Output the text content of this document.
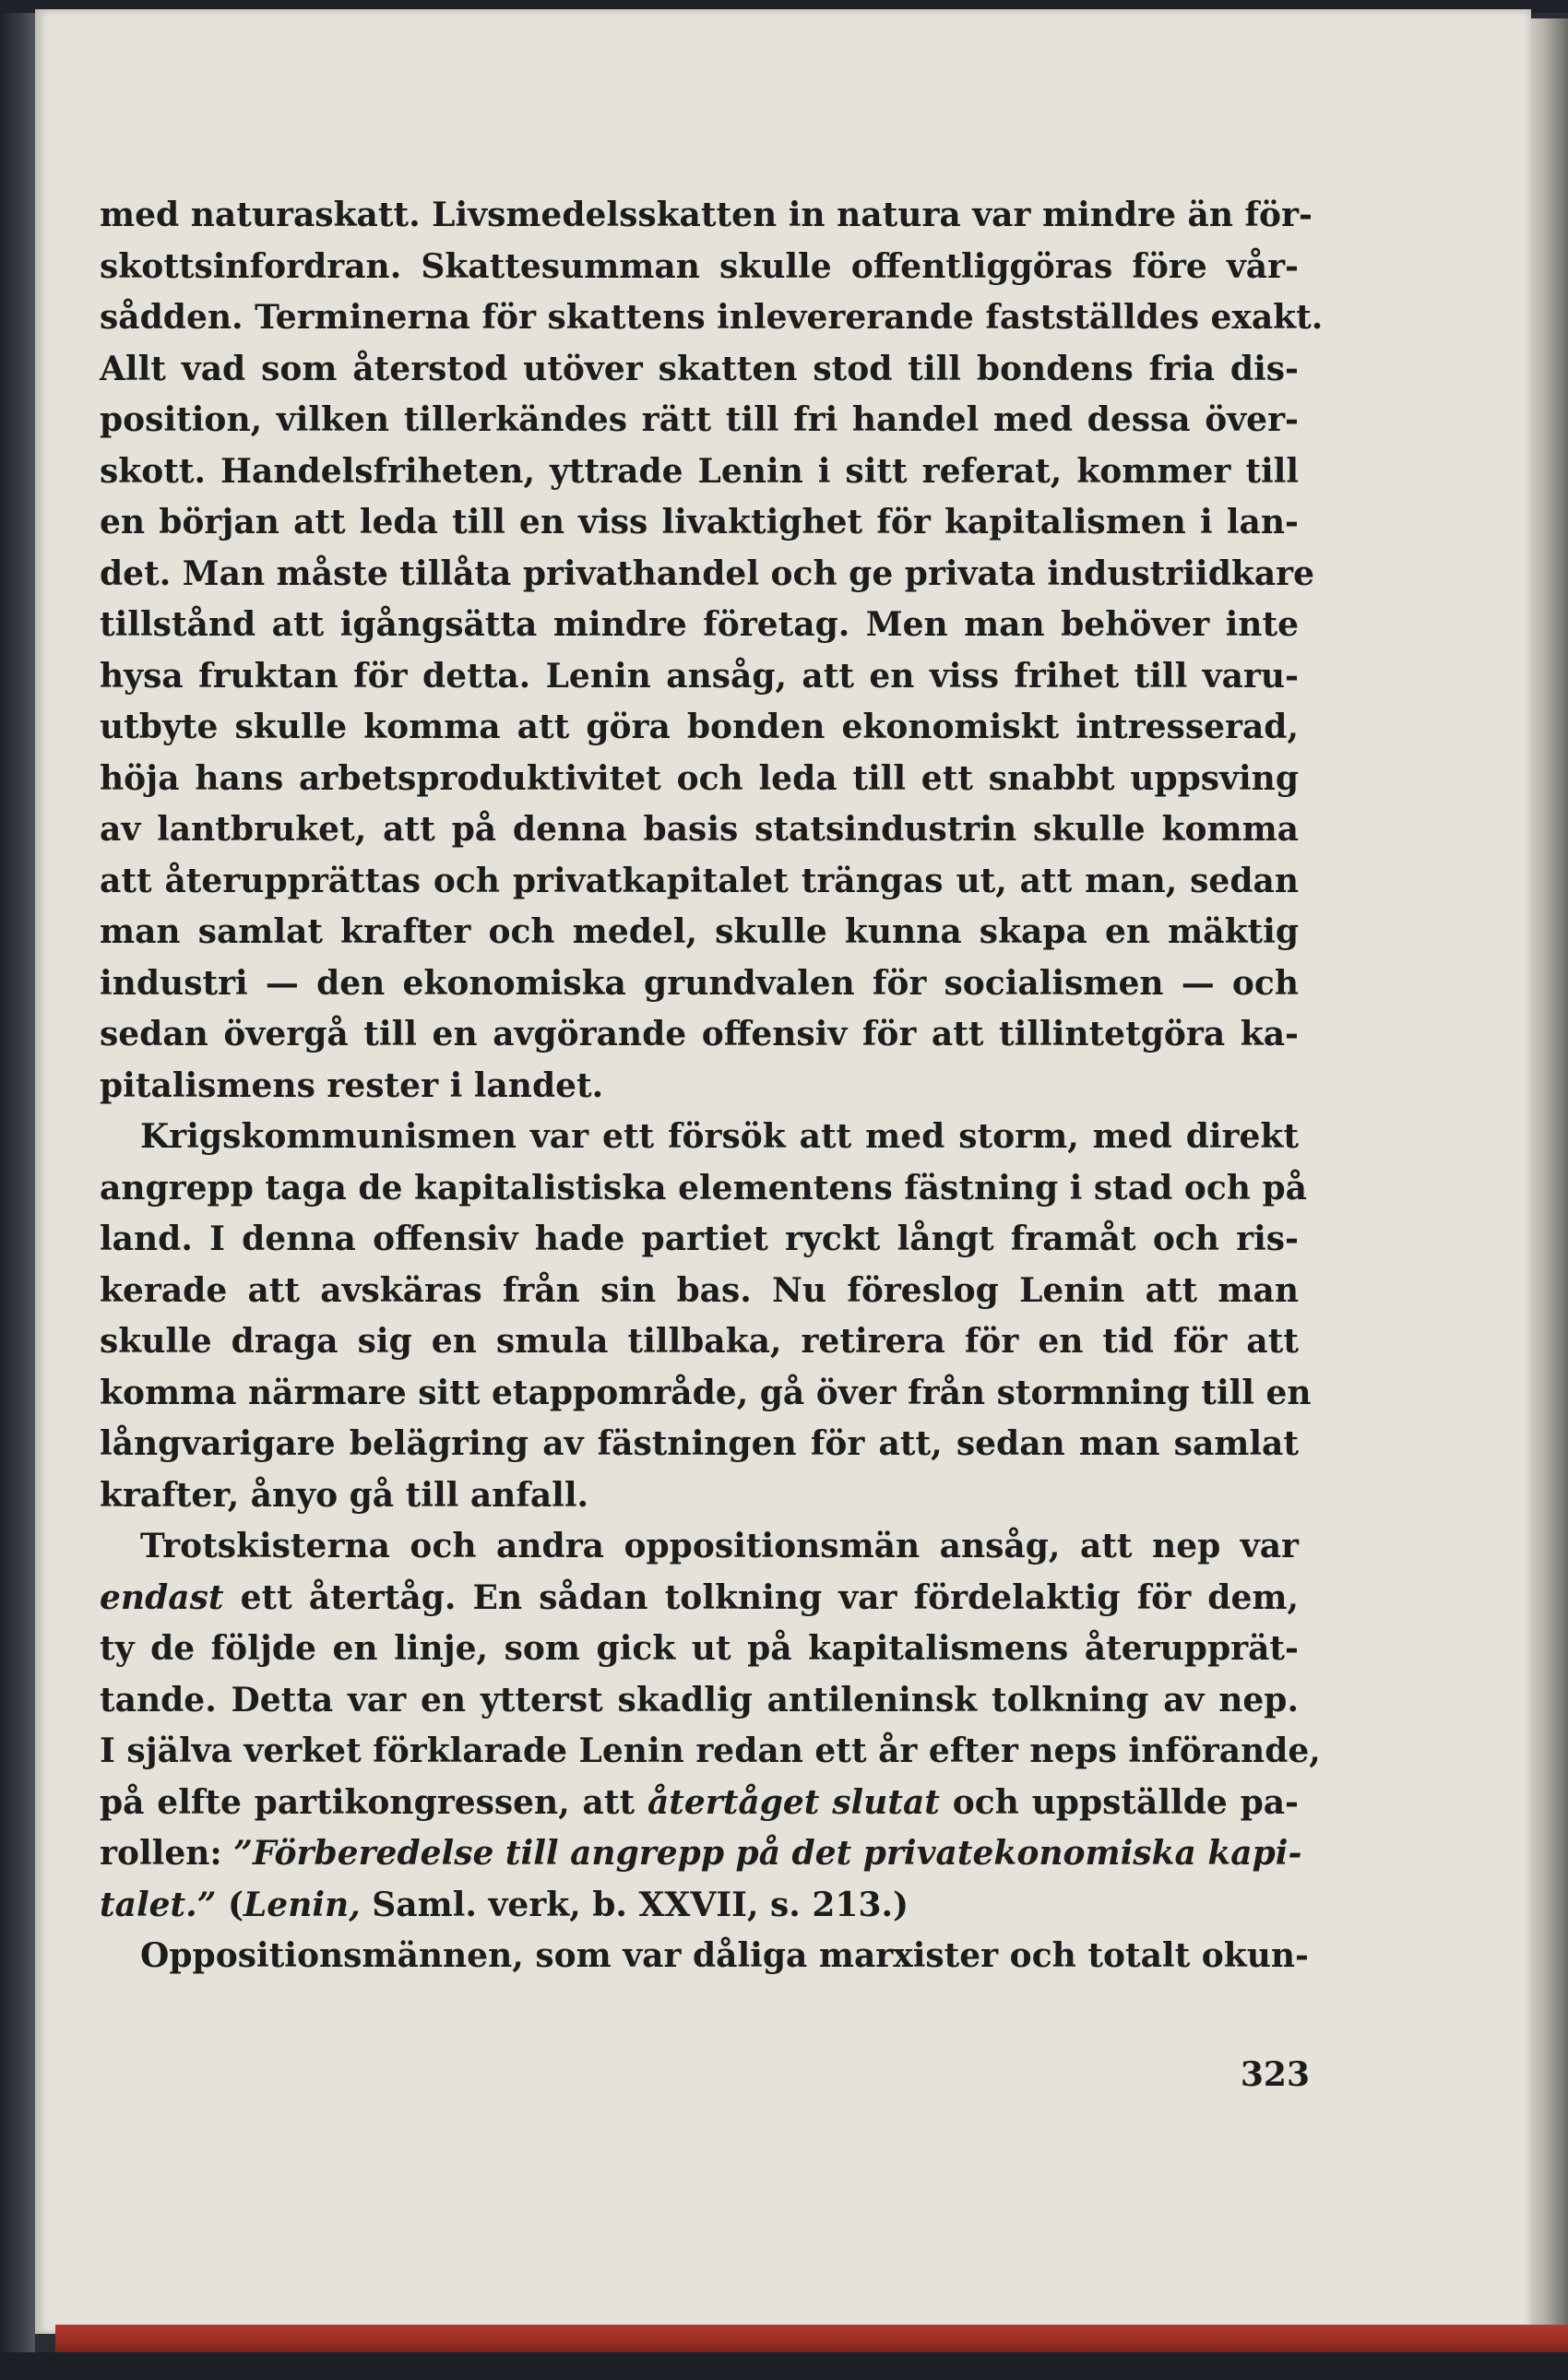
med naturaskatt. Livsmedelsskatten in natura var mindre än för-

skottsinfordran. Skattesumman skulle offentliggöras före vår-

sådden. Terminerna för skattens inlevererande fastställdes exakt.

Allt vad som återstod utöver skatten stod till bondens fria dis-

position, vilken tillerkändes rätt till fri handel med dessa över-

skott. Handelsfriheten, yttrade Lenin i sitt referat, kommer till

en början att leda till en viss livaktighet för kapitalismen i lan-

det. Man måste tillåta privathandel och ge privata industriidkare

tillstånd att igångsätta mindre företag. Men man behöver inte

hysa fruktan för detta. Lenin ansåg, att en viss frihet till varu-

utbyte skulle komma att göra bonden ekonomiskt intresserad,

höja hans arbetsproduktivitet och leda till ett snabbt uppsving

av lantbruket, att på denna basis statsindustrin skulle komma

att återupprättas och privatkapitalet trängas ut, att man, sedan

man samlat krafter och medel, skulle kunna skapa en mäktig

industri — den ekonomiska grundvalen för socialismen — och

sedan övergå till en avgörande offensiv för att tillintetgöra ka-

pitalismens rester i landet.

Krigskommunismen var ett försök att med storm, med direkt

angrepp taga de kapitalistiska elementens fästning i stad och på

land. I denna offensiv hade partiet ryckt långt framåt och ris-

kerade att avskäras från sin bas. Nu föreslog Lenin att man

skulle draga sig en smula tillbaka, retirera för en tid för att

komma närmare sitt etappområde, gå över från stormning till en

långvarigare belägring av fästningen för att, sedan man samlat

krafter, ånyo gå till anfall.

Trotskisterna och andra oppositionsmän ansåg, att nep var

endast ett återtåg. En sådan tolkning var fördelaktig för dem,

ty de följde en linje, som gick ut på kapitalismens återupprät-

tande. Detta var en ytterst skadlig antileninsk tolkning av nep.

I själva verket förklarade Lenin redan ett år efter neps införande,

på elfte partikongressen, att återtåget slutat och uppställde pa-

rollen: ”Förberedelse till angrepp på det privatekonomiska kapi-

talet.” (Lenin, Saml. verk, b. XXVII, s. 213.)

Oppositionsmännen, som var dåliga marxister och totalt okun-

323
